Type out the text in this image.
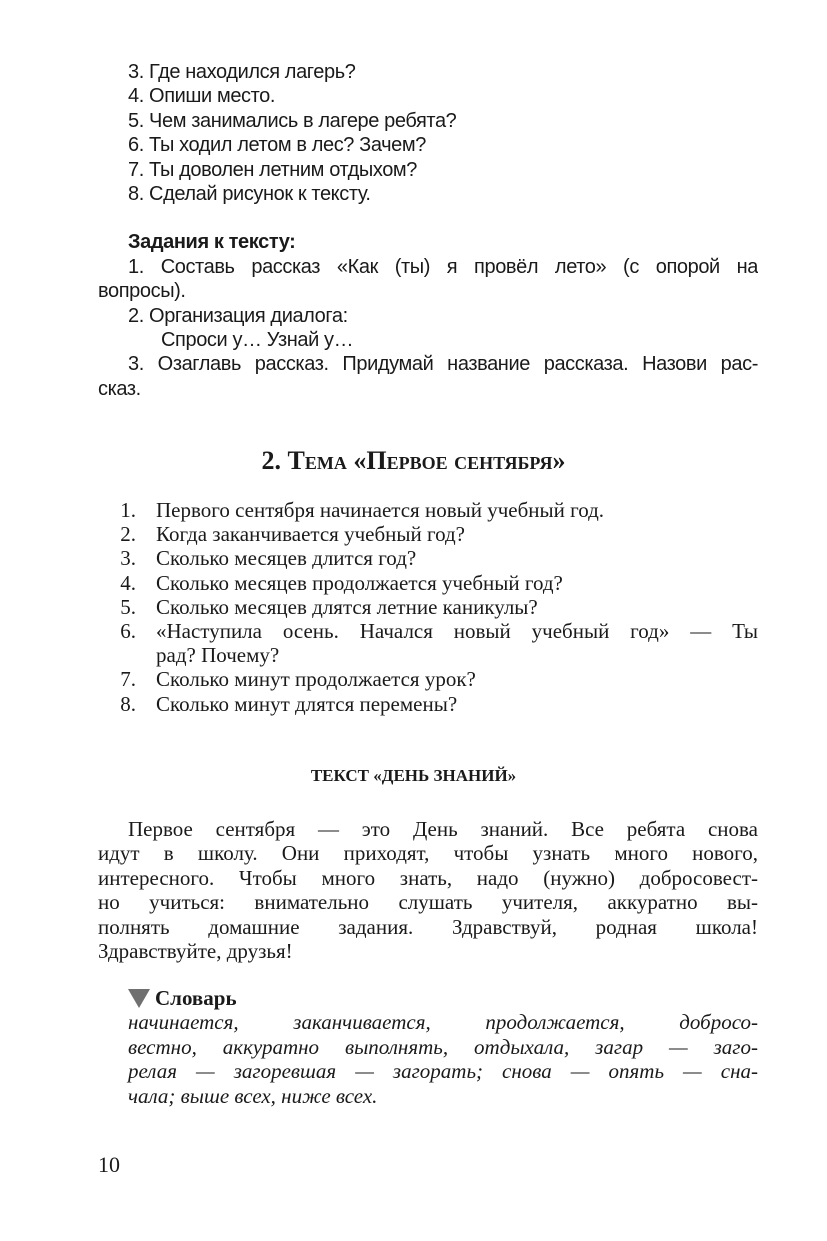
3. Где находился лагерь?
4. Опиши место.
5. Чем занимались в лагере ребята?
6. Ты ходил летом в лес? Зачем?
7. Ты доволен летним отдыхом?
8. Сделай рисунок к тексту.
Задания к тексту:
1. Составь рассказ «Как (ты) я провёл лето» (с опорой на
вопросы).
2. Организация диалога:
Спроси у… Узнай у…
3. Озаглавь рассказ. Придумай название рассказа. Назови рас-
сказ.
2. Тема «Первое сентября»
1. Первого сентября начинается новый учебный год.
2. Когда заканчивается учебный год?
3. Сколько месяцев длится год?
4. Сколько месяцев продолжается учебный год?
5. Сколько месяцев длятся летние каникулы?
6. «Наступила осень. Начался новый учебный год» — Ты
рад? Почему?
7. Сколько минут продолжается урок?
8. Сколько минут длятся перемены?
ТЕКСТ «ДЕНЬ ЗНАНИЙ»
Первое сентября — это День знаний. Все ребята снова
идут в школу. Они приходят, чтобы узнать много нового,
интересного. Чтобы много знать, надо (нужно) добросовест-
но учиться: внимательно слушать учителя, аккуратно вы-
полнять домашние задания. Здравствуй, родная школа!
Здравствуйте, друзья!
Словарь
начинается, заканчивается, продолжается, добросо-
вестно, аккуратно выполнять, отдыхала, загар — заго-
релая — загоревшая — загорать; снова — опять — сна-
чала; выше всех, ниже всех.
10
